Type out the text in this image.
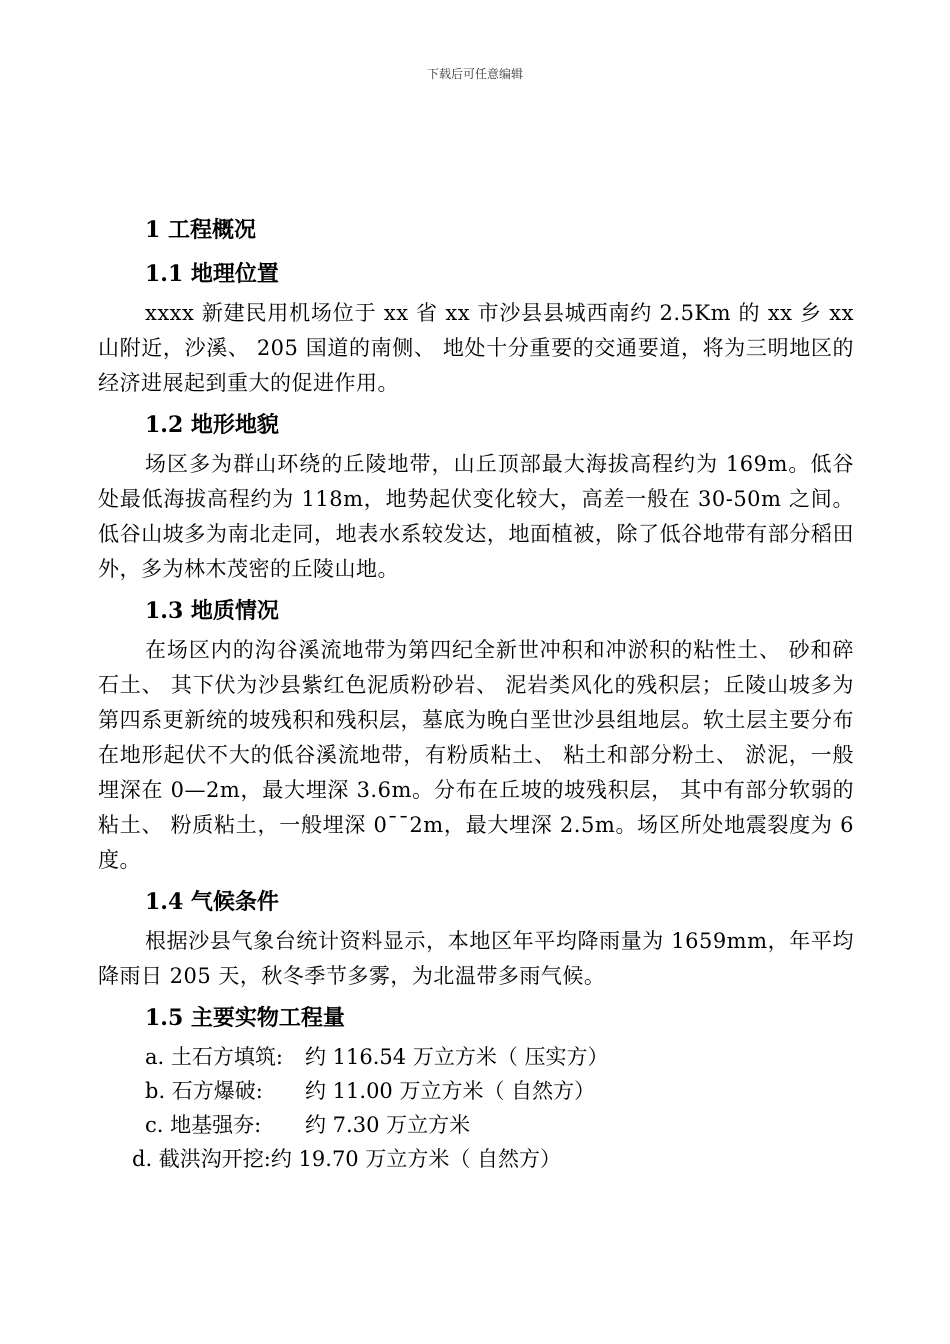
下载后可任意编辑
1 工程概况
1.1 地理位置

xxxx 新建民用机场位于 xx 省 xx 市沙县县城西南约 2.5Km 的 xx 乡 xx 山附近，沙溪、 205 国道的南侧、 地处十分重要的交通要道，将为三明地区的经济进展起到重大的促进作用。

1.2 地形地貌

场区多为群山环绕的丘陵地带，山丘顶部最大海拔高程约为 169m。低谷处最低海拔高程约为 118m，地势起伏变化较大，高差一般在 30-50m 之间。低谷山坡多为南北走同，地表水系较发达，地面植被，除了低谷地带有部分稻田外，多为林木茂密的丘陵山地。

1.3 地质情况

在场区内的沟谷溪流地带为第四纪全新世冲积和冲淤积的粘性土、 砂和碎石土、 其下伏为沙县紫红色泥质粉砂岩、 泥岩类风化的残积层；丘陵山坡多为第四系更新统的坡残积和残积层，墓底为晚白垩世沙县组地层。软土层主要分布在地形起伏不大的低谷溪流地带，有粉质粘土、 粘土和部分粉土、 淤泥，一般埋深在 0—2m，最大埋深 3.6m。分布在丘坡的坡残积层， 其中有部分软弱的粘土、 粉质粘土，一般埋深 0¯¯2m，最大埋深 2.5m。场区所处地震裂度为 6 度。

1.4 气候条件

根据沙县气象台统计资料显示，本地区年平均降雨量为 1659mm，年平均降雨日 205 天，秋冬季节多雾，为北温带多雨气候。

1.5 主要实物工程量
a. 土石方填筑: 约 116.54 万立方米（ 压实方）
b. 石方爆破: 约 11.00 万立方米（ 自然方）
c. 地基强夯: 约 7.30 万立方米
d. 截洪沟开挖:约 19.70 万立方米（ 自然方）
